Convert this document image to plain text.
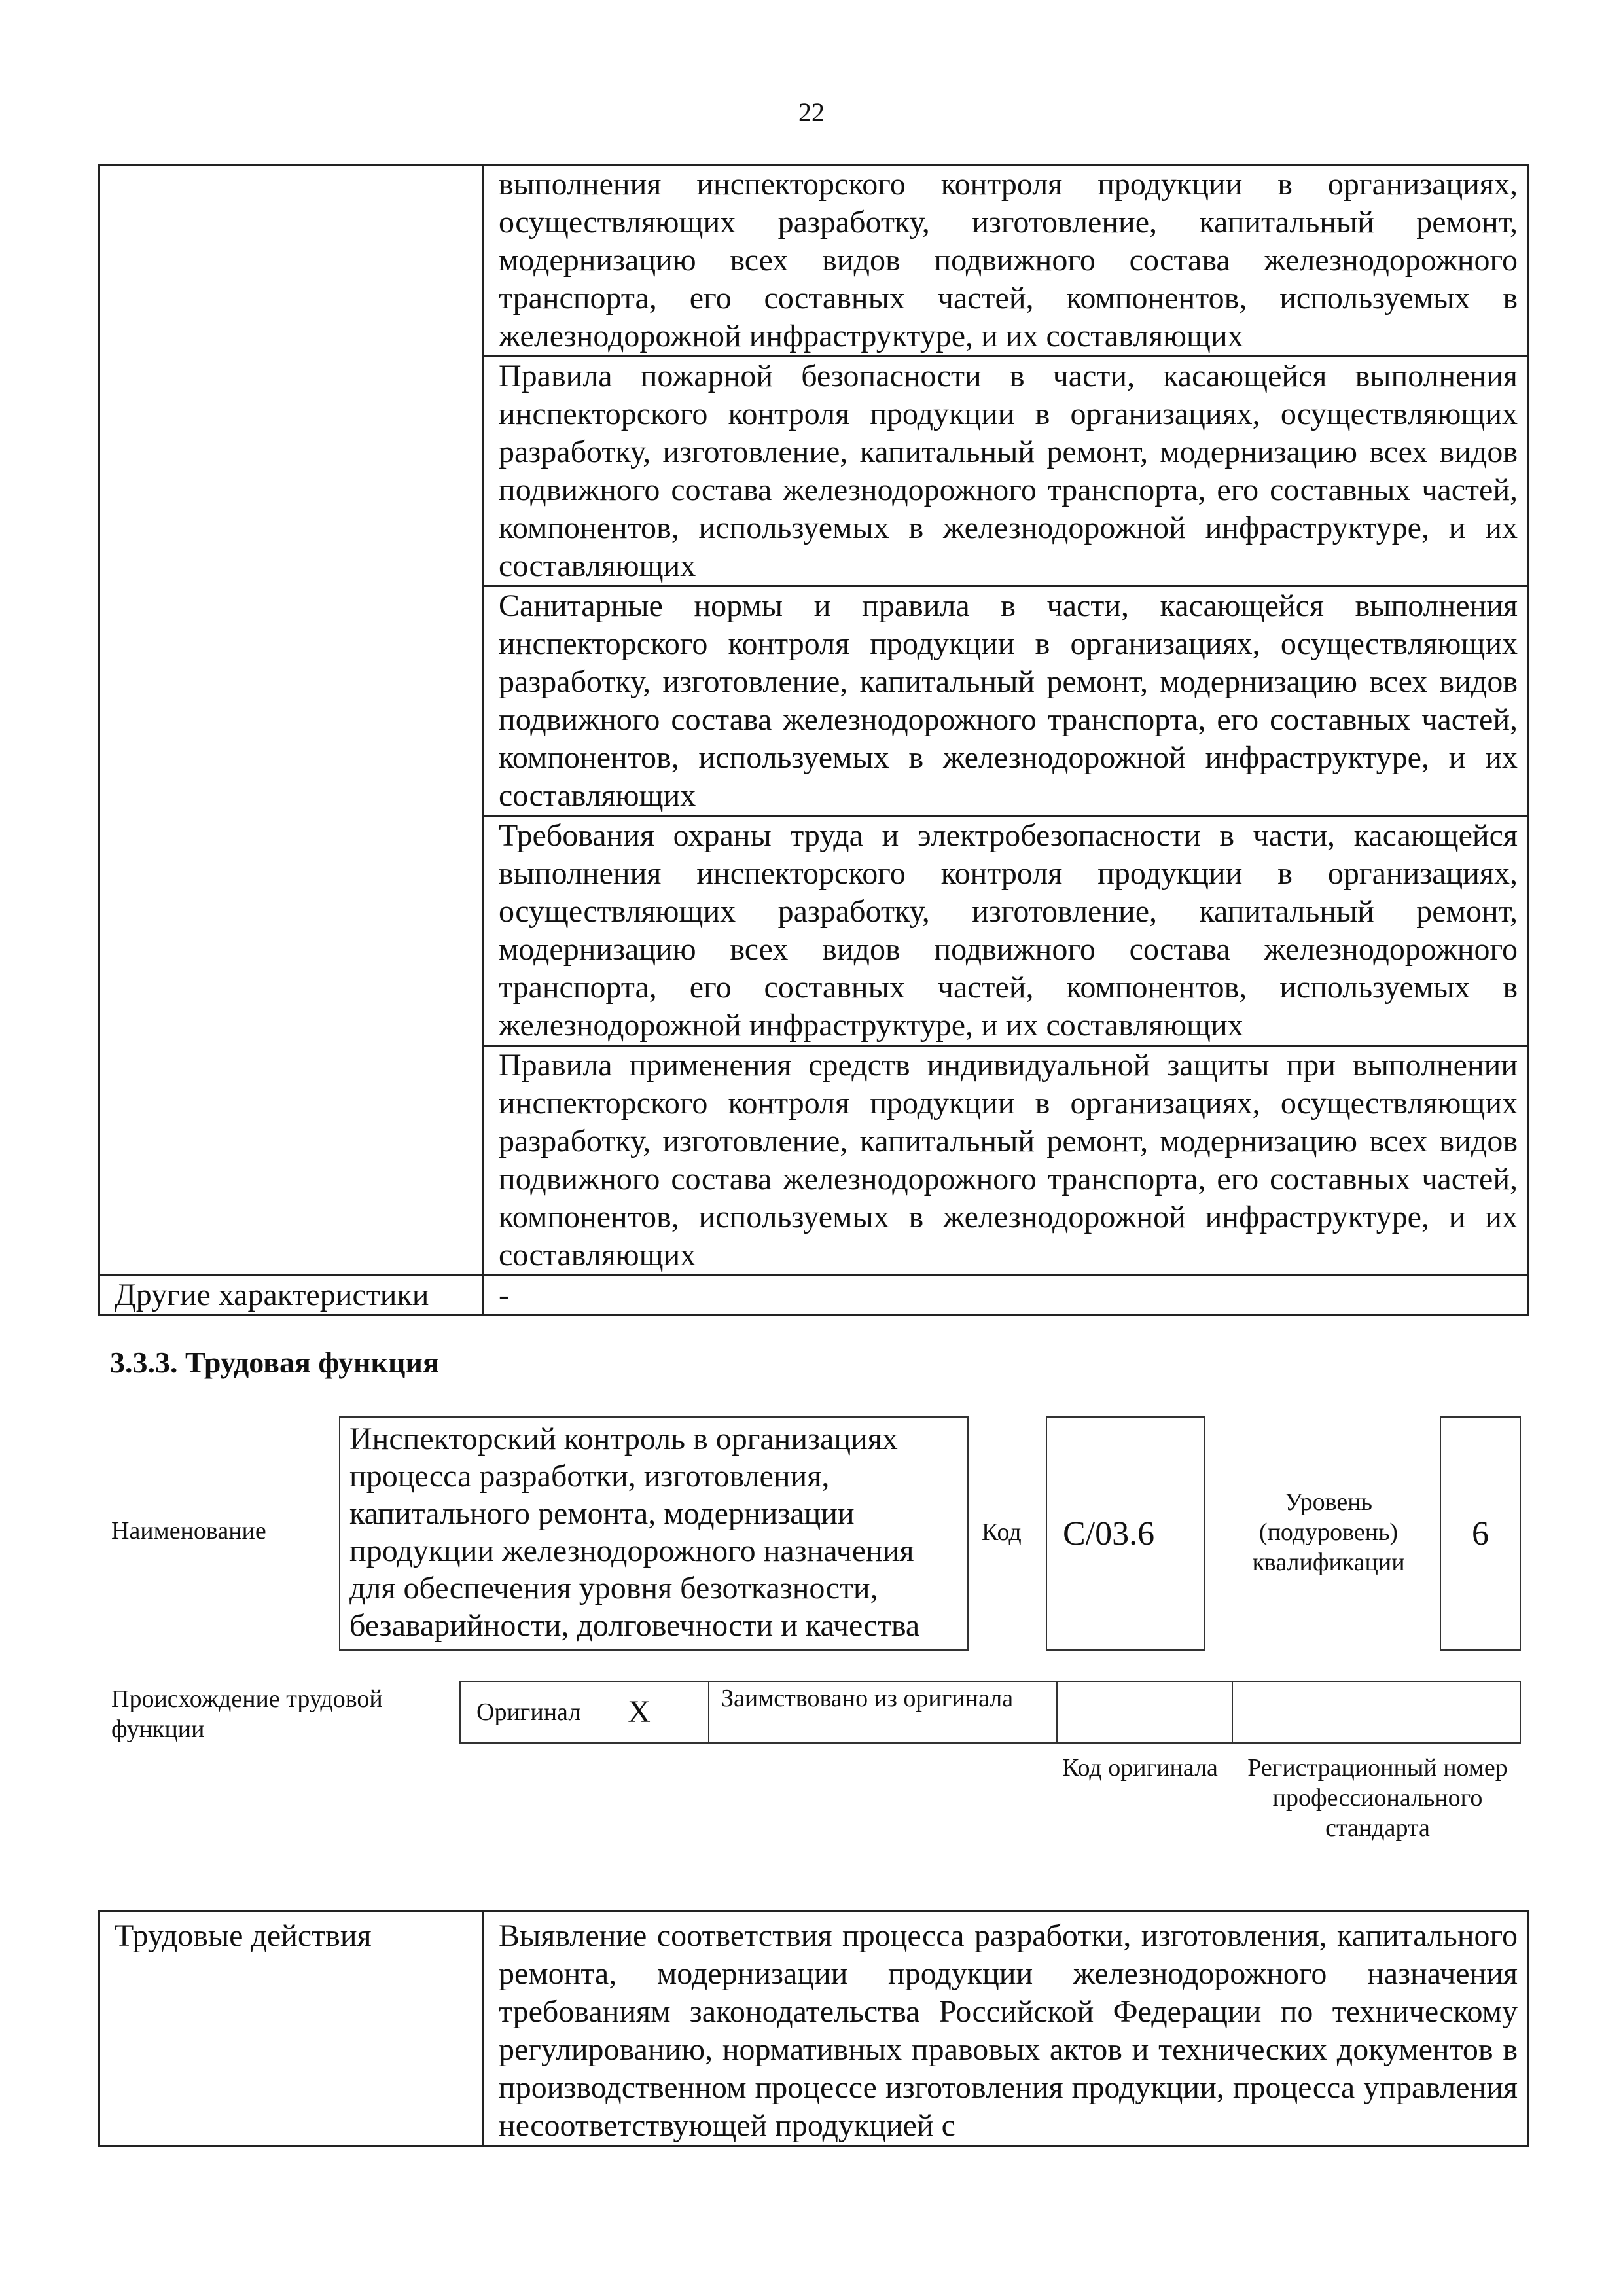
22
	выполнения инспекторского контроля продукции в организациях, осуществляющих разработку, изготовление, капитальный ремонт, модернизацию всех видов подвижного состава железнодорожного транспорта, его составных частей, компонентов, используемых в железнодорожной инфраструктуре, и их составляющих
	Правила пожарной безопасности в части, касающейся выполнения инспекторского контроля продукции в организациях, осуществляющих разработку, изготовление, капитальный ремонт, модернизацию всех видов подвижного состава железнодорожного транспорта, его составных частей, компонентов, используемых в железнодорожной инфраструктуре, и их составляющих
	Санитарные нормы и правила в части, касающейся выполнения инспекторского контроля продукции в организациях, осуществляющих разработку, изготовление, капитальный ремонт, модернизацию всех видов подвижного состава железнодорожного транспорта, его составных частей, компонентов, используемых в железнодорожной инфраструктуре, и их составляющих
	Требования охраны труда и электробезопасности в части, касающейся выполнения инспекторского контроля продукции в организациях, осуществляющих разработку, изготовление, капитальный ремонт, модернизацию всех видов подвижного состава железнодорожного транспорта, его составных частей, компонентов, используемых в железнодорожной инфраструктуре, и их составляющих
	Правила применения средств индивидуальной защиты при выполнении инспекторского контроля продукции в организациях, осуществляющих разработку, изготовление, капитальный ремонт, модернизацию всех видов подвижного состава железнодорожного транспорта, его составных частей, компонентов, используемых в железнодорожной инфраструктуре, и их составляющих
Другие характеристики	-
3.3.3. Трудовая функция
Наименование
Инспекторский контроль в организациях процесса разработки, изготовления, капитального ремонта, модернизации продукции железнодорожного назначения для обеспечения уровня безотказности, безаварийности, долговечности и качества
Код C/03.6
Уровень (подуровень) квалификации
6
Происхождение трудовой функции
Оригинал X	Заимствовано из оригинала
Код оригинала	Регистрационный номер профессионального стандарта
Трудовые действия	Выявление соответствия процесса разработки, изготовления, капитального ремонта, модернизации продукции железнодорожного назначения требованиям законодательства Российской Федерации по техническому регулированию, нормативных правовых актов и технических документов в производственном процессе изготовления продукции, процесса управления несоответствующей продукцией с
